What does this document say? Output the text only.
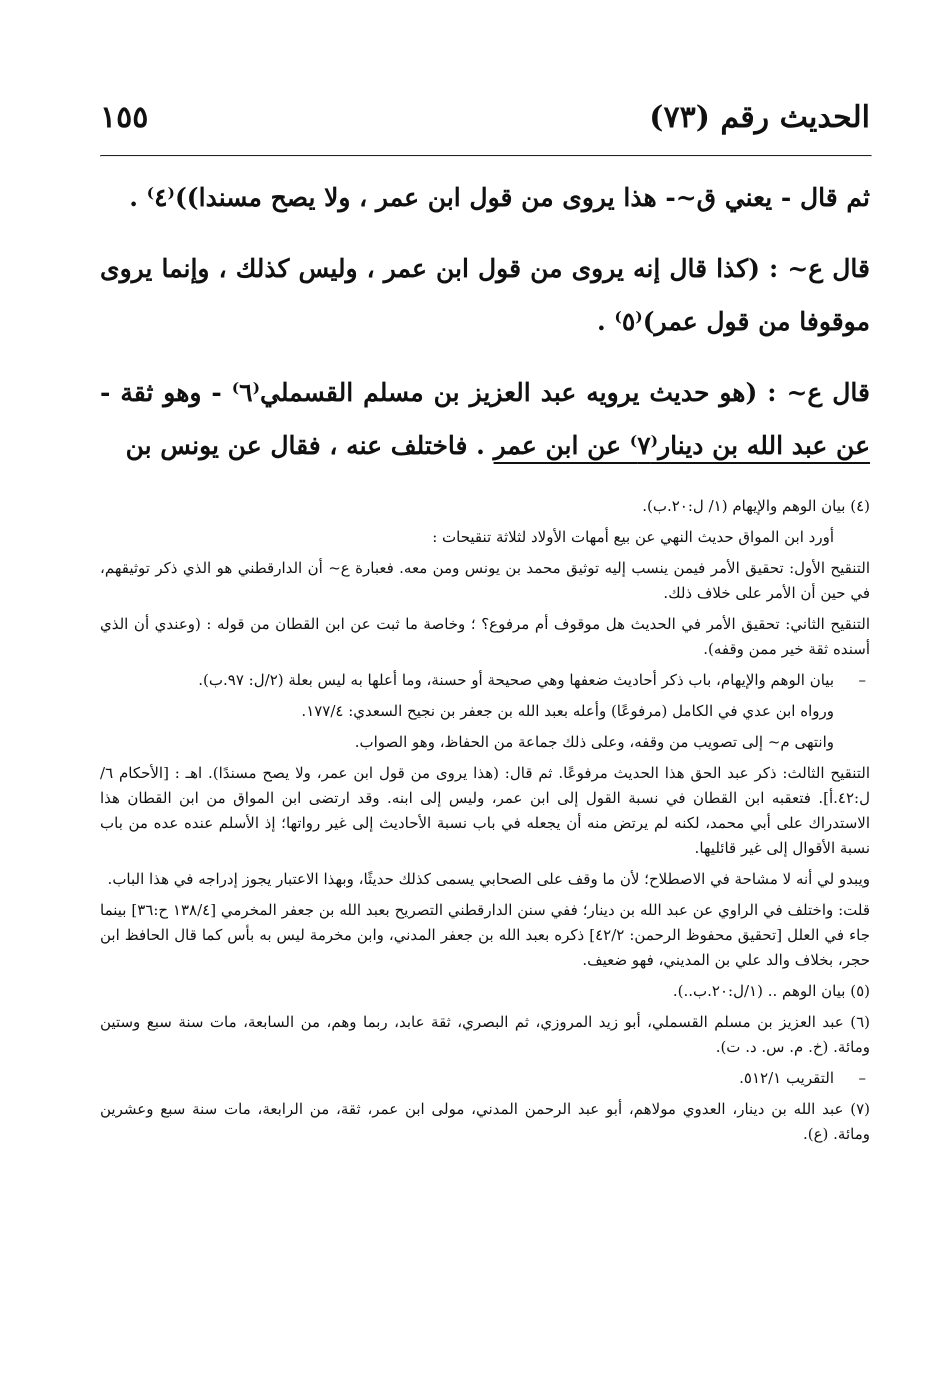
الحديث رقم (٧٣)
١٥٥

ثم قال - يعني ق~- هذا يروى من قول ابن عمر ، ولا يصح مسندا))⁽٤⁾ .

قال ع~ : (كذا قال إنه يروى من قول ابن عمر ، وليس كذلك ، وإنما يروى موقوفا من قول عمر)⁽٥⁾ .

قال ع~ : (هو حديث يرويه عبد العزيز بن مسلم القسملي⁽٦⁾ - وهو ثقة - عن عبد الله بن دينار⁽٧⁾ عن ابن عمر . فاختلف عنه ، فقال عن يونس بن

(٤) بيان الوهم والإيهام (١/ ل:٢٠.ب).

أورد ابن المواق حديث النهي عن بيع أمهات الأولاد لثلاثة تنقيحات :

التنقيح الأول: تحقيق الأمر فيمن ينسب إليه توثيق محمد بن يونس ومن معه. فعبارة ع~ أن الدارقطني هو الذي ذكر توثيقهم، في حين أن الأمر على خلاف ذلك.

التنقيح الثاني: تحقيق الأمر في الحديث هل موقوف أم مرفوع؟ ؛ وخاصة ما ثبت عن ابن القطان من قوله : (وعندي أن الذي أسنده ثقة خير ممن وقفه).

– بيان الوهم والإيهام، باب ذكر أحاديث ضعفها وهي صحيحة أو حسنة، وما أعلها به ليس بعلة (٢/ل: ٩٧.ب).

ورواه ابن عدي في الكامل (مرفوعًا) وأعله بعبد الله بن جعفر بن نجيح السعدي: ١٧٧/٤.

وانتهى م~ إلى تصويب من وقفه، وعلى ذلك جماعة من الحفاظ، وهو الصواب.

التنقيح الثالث: ذكر عبد الحق هذا الحديث مرفوعًا. ثم قال: (هذا يروى من قول ابن عمر، ولا يصح مسندًا). اهـ : [الأحكام ٦/ل:٤٢.أ]. فتعقبه ابن القطان في نسبة القول إلى ابن عمر، وليس إلى ابنه. وقد ارتضى ابن المواق من ابن القطان هذا الاستدراك على أبي محمد، لكنه لم يرتض منه أن يجعله في باب نسبة الأحاديث إلى غير رواتها؛ إذ الأسلم عنده عده من باب نسبة الأقوال إلى غير قائليها.

ويبدو لي أنه لا مشاحة في الاصطلاح؛ لأن ما وقف على الصحابي يسمى كذلك حديثًا، وبهذا الاعتبار يجوز إدراجه في هذا الباب.

قلت: واختلف في الراوي عن عبد الله بن دينار؛ ففي سنن الدارقطني التصريح بعبد الله بن جعفر المخرمي [١٣٨/٤ ح:٣٦] بينما جاء في العلل [تحقيق محفوظ الرحمن: ٤٢/٢] ذكره بعبد الله بن جعفر المدني، وابن مخرمة ليس به بأس كما قال الحافظ ابن حجر، بخلاف والد علي بن المديني، فهو ضعيف.

(٥) بيان الوهم .. (١/ل:٢٠.ب..).

(٦) عبد العزيز بن مسلم القسملي، أبو زيد المروزي، ثم البصري، ثقة عابد، ربما وهم، من السابعة، مات سنة سبع وستين ومائة. (خ. م. س. د. ت).

– التقريب ٥١٢/١.

(٧) عبد الله بن دينار، العدوي مولاهم، أبو عبد الرحمن المدني، مولى ابن عمر، ثقة، من الرابعة، مات سنة سبع وعشرين ومائة. (ع).
